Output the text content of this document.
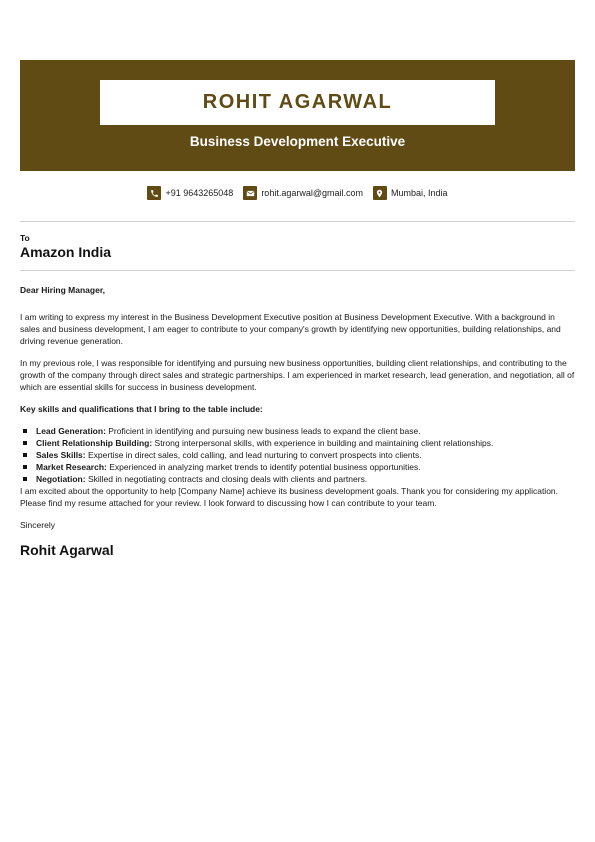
ROHIT AGARWAL
Business Development Executive
+91 9643265048	rohit.agarwal@gmail.com	Mumbai, India
To
Amazon India

Dear Hiring Manager,

I am writing to express my interest in the Business Development Executive position at Business Development Executive. With a background in sales and business development, I am eager to contribute to your company's growth by identifying new opportunities, building relationships, and driving revenue generation.

In my previous role, I was responsible for identifying and pursuing new business opportunities, building client relationships, and contributing to the growth of the company through direct sales and strategic partnerships. I am experienced in market research, lead generation, and negotiation, all of which are essential skills for success in business development.

Key skills and qualifications that I bring to the table include:

Lead Generation: Proficient in identifying and pursuing new business leads to expand the client base.
Client Relationship Building: Strong interpersonal skills, with experience in building and maintaining client relationships.
Sales Skills: Expertise in direct sales, cold calling, and lead nurturing to convert prospects into clients.
Market Research: Experienced in analyzing market trends to identify potential business opportunities.
Negotiation: Skilled in negotiating contracts and closing deals with clients and partners.

I am excited about the opportunity to help [Company Name] achieve its business development goals. Thank you for considering my application. Please find my resume attached for your review. I look forward to discussing how I can contribute to your team.

Sincerely

Rohit Agarwal
